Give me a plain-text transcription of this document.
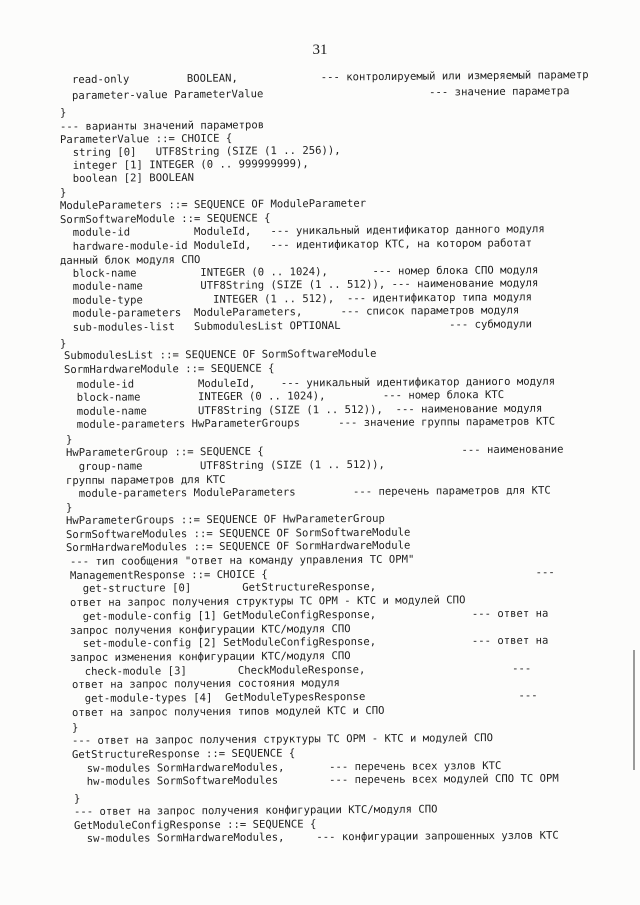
31
read-only         BOOLEAN,             --- контролируемый или измеряемый параметр
parameter-value ParameterValue                          --- значение параметра
}
--- варианты значений параметров
ParameterValue ::= CHOICE {
string [0]   UTF8String (SIZE (1 .. 256)),
integer [1] INTEGER (0 .. 999999999),
boolean [2] BOOLEAN
}
ModuleParameters ::= SEQUENCE OF ModuleParameter
SormSoftwareModule ::= SEQUENCE {
module-id          ModuleId,   --- уникальный идентификатор данного модуля
hardware-module-id ModuleId,   --- идентификатор КТС, на котором работат
данный блок модуля СПО
block-name          INTEGER (0 .. 1024),       --- номер блока СПО модуля
module-name         UTF8String (SIZE (1 .. 512)), --- наименование модуля
module-type           INTEGER (1 .. 512),  --- идентификатор типа модуля
module-parameters  ModuleParameters,      --- список параметров модуля
sub-modules-list   SubmodulesList OPTIONAL                 --- субмодули
}
SubmodulesList ::= SEQUENCE OF SormSoftwareModule
SormHardwareModule ::= SEQUENCE {
module-id          ModuleId,    --- уникальный идентификатор даниого модуля
block-name         INTEGER (0 .. 1024),         --- номер блока КТС
module-name        UTF8String (SIZE (1 .. 512)),  --- наименование модуля
module-parameters HwParameterGroups      --- значение группы параметров КТС
}
HwParameterGroup ::= SEQUENCE {                               --- наименование
group-name         UTF8String (SIZE (1 .. 512)),
группы параметров для КТС
module-parameters ModuleParameters         --- перечень параметров для КТС
}
HwParameterGroups ::= SEQUENCE OF HwParameterGroup
SormSoftwareModules ::= SEQUENCE OF SormSoftwareModule
SormHardwareModules ::= SEQUENCE OF SormHardwareModule
--- тип сообщения "ответ на команду управления ТС ОРМ"
ManagementResponse ::= CHOICE {                                          ---
get-structure [0]        GetStructureResponse,
ответ на запрос получения структуры ТС ОРМ - КТС и модулей СПО
get-module-config [1] GetModuleConfigResponse,               --- ответ на
запрос получения конфигурации КТС/модуля СПО
set-module-config [2] SetModuleConfigResponse,               --- ответ на
запрос изменения конфигурации КТС/модуля СПО
check-module [3]        CheckModuleResponse,                       ---
ответ на запрос получения состояния модуля
get-module-types [4]  GetModuleTypesResponse                        ---
ответ на запрос получения типов модулей КТС и СПО
}
--- ответ на запрос получения структуры ТС ОРМ - КТС и модулей СПО
GetStructureResponse ::= SEQUENCE {
sw-modules SormHardwareModules,       --- перечень всех узлов КТС
hw-modules SormSoftwareModules        --- перечень всех модулей СПО ТС ОРМ
}
--- ответ на запрос получения конфигурации КТС/модуля СПО
GetModuleConfigResponse ::= SEQUENCE {
sw-modules SormHardwareModules,     --- конфигурации запрошенных узлов КТС
